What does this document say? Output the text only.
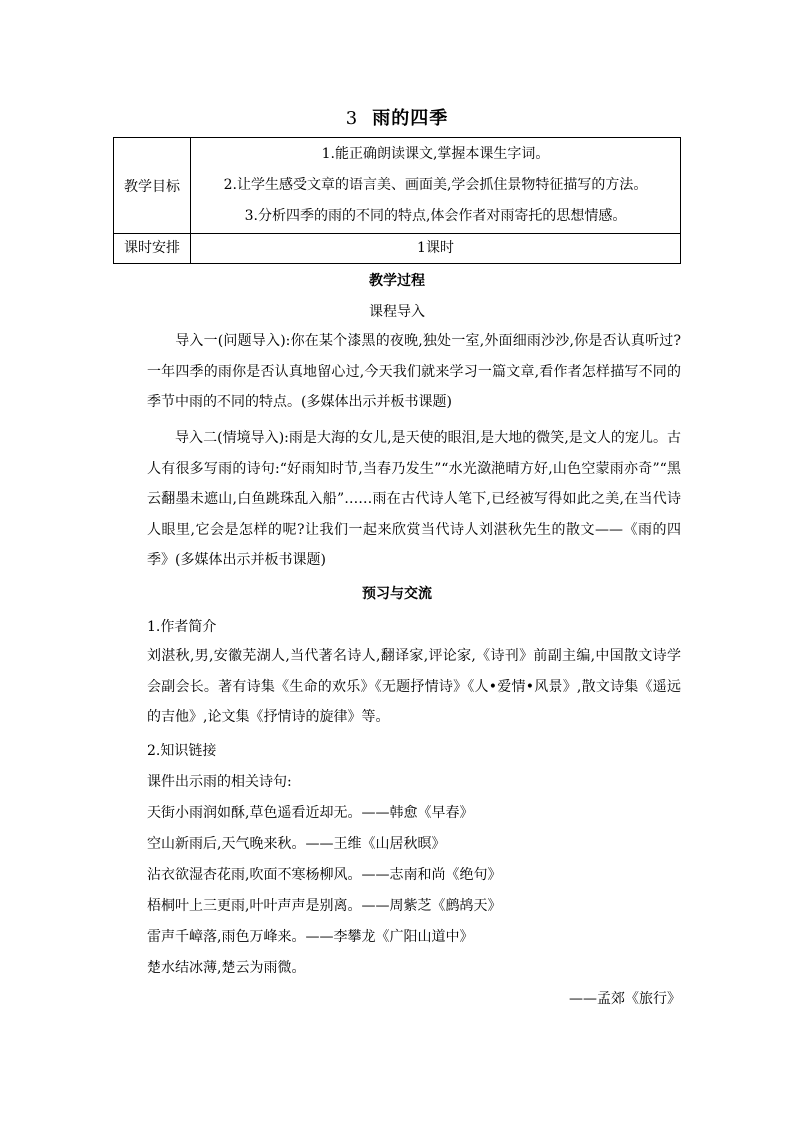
3 雨的四季
教学目标	1.能正确朗读课文,掌握本课生字词。
2.让学生感受文章的语言美、画面美,学会抓住景物特征描写的方法。
3.分析四季的雨的不同的特点,体会作者对雨寄托的思想情感。

课时安排	1课时
教学过程
课程导入
导入一(问题导入):你在某个漆黑的夜晚,独处一室,外面细雨沙沙,你是否认真听过?一年四季的雨你是否认真地留心过,今天我们就来学习一篇文章,看作者怎样描写不同的季节中雨的不同的特点。(多媒体出示并板书课题)
导入二(情境导入):雨是大海的女儿,是天使的眼泪,是大地的微笑,是文人的宠儿。古人有很多写雨的诗句:“好雨知时节,当春乃发生”“水光潋滟晴方好,山色空蒙雨亦奇”“黑云翻墨未遮山,白鱼跳珠乱入船”……雨在古代诗人笔下,已经被写得如此之美,在当代诗人眼里,它会是怎样的呢?让我们一起来欣赏当代诗人刘湛秋先生的散文——《雨的四季》(多媒体出示并板书课题)
预习与交流
1.作者简介
刘湛秋,男,安徽芜湖人,当代著名诗人,翻译家,评论家,《诗刊》前副主编,中国散文诗学会副会长。著有诗集《生命的欢乐》《无题抒情诗》《人•爱情•风景》,散文诗集《遥远的吉他》,论文集《抒情诗的旋律》等。
2.知识链接
课件出示雨的相关诗句:
天街小雨润如酥,草色遥看近却无。——韩愈《早春》
空山新雨后,天气晚来秋。——王维《山居秋暝》
沾衣欲湿杏花雨,吹面不寒杨柳风。——志南和尚《绝句》
梧桐叶上三更雨,叶叶声声是别离。——周紫芝《鹧鸪天》
雷声千嶂落,雨色万峰来。——李攀龙《广阳山道中》
楚水结冰薄,楚云为雨微。
——孟郊《旅行》
